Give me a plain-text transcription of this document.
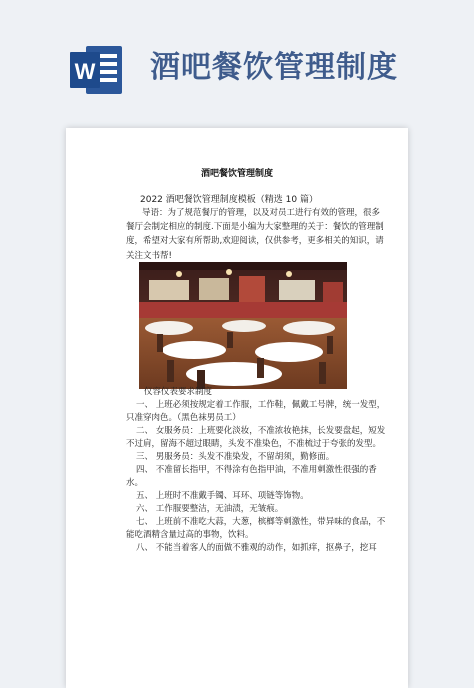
W 酒吧餐饮管理制度
酒吧餐饮管理制度
2022 酒吧餐饮管理制度模板（精选 10 篇）

导语：为了规范餐厅的管理，以及对员工进行有效的管理，很多餐厅会制定相应的制度.下面是小编为大家整理的关于：餐饮的管理制度，希望对大家有所帮助,欢迎阅读，仅供参考，更多相关的知识，请关注文书帮!

仪容仪表要求制度

一、 上班必须按规定着工作服，工作鞋，佩戴工号牌，统一发型，只准穿肉色。（黑色袜男员工）

二、 女服务员：上班要化淡妆，不准浓妆艳抹，长发要盘起，短发不过肩，留海不超过眼睛，头发不准染色，不准梳过于夸张的发型。

三、 男服务员：头发不准染发，不留胡须，勤修面。

四、 不准留长指甲，不得涂有色指甲油，不准用刺激性很强的香水。

五、 上班时不准戴手镯、耳环、项链等饰物。

六、 工作服要整洁，无油渍，无皱痕。

七、 上班前不准吃大蒜，大葱，槟榔等刺激性，带异味的食品，不能吃酒精含量过高的事物，饮料。

八、 不能当着客人的面做不雅观的动作，如抓痒，抠鼻子，挖耳
